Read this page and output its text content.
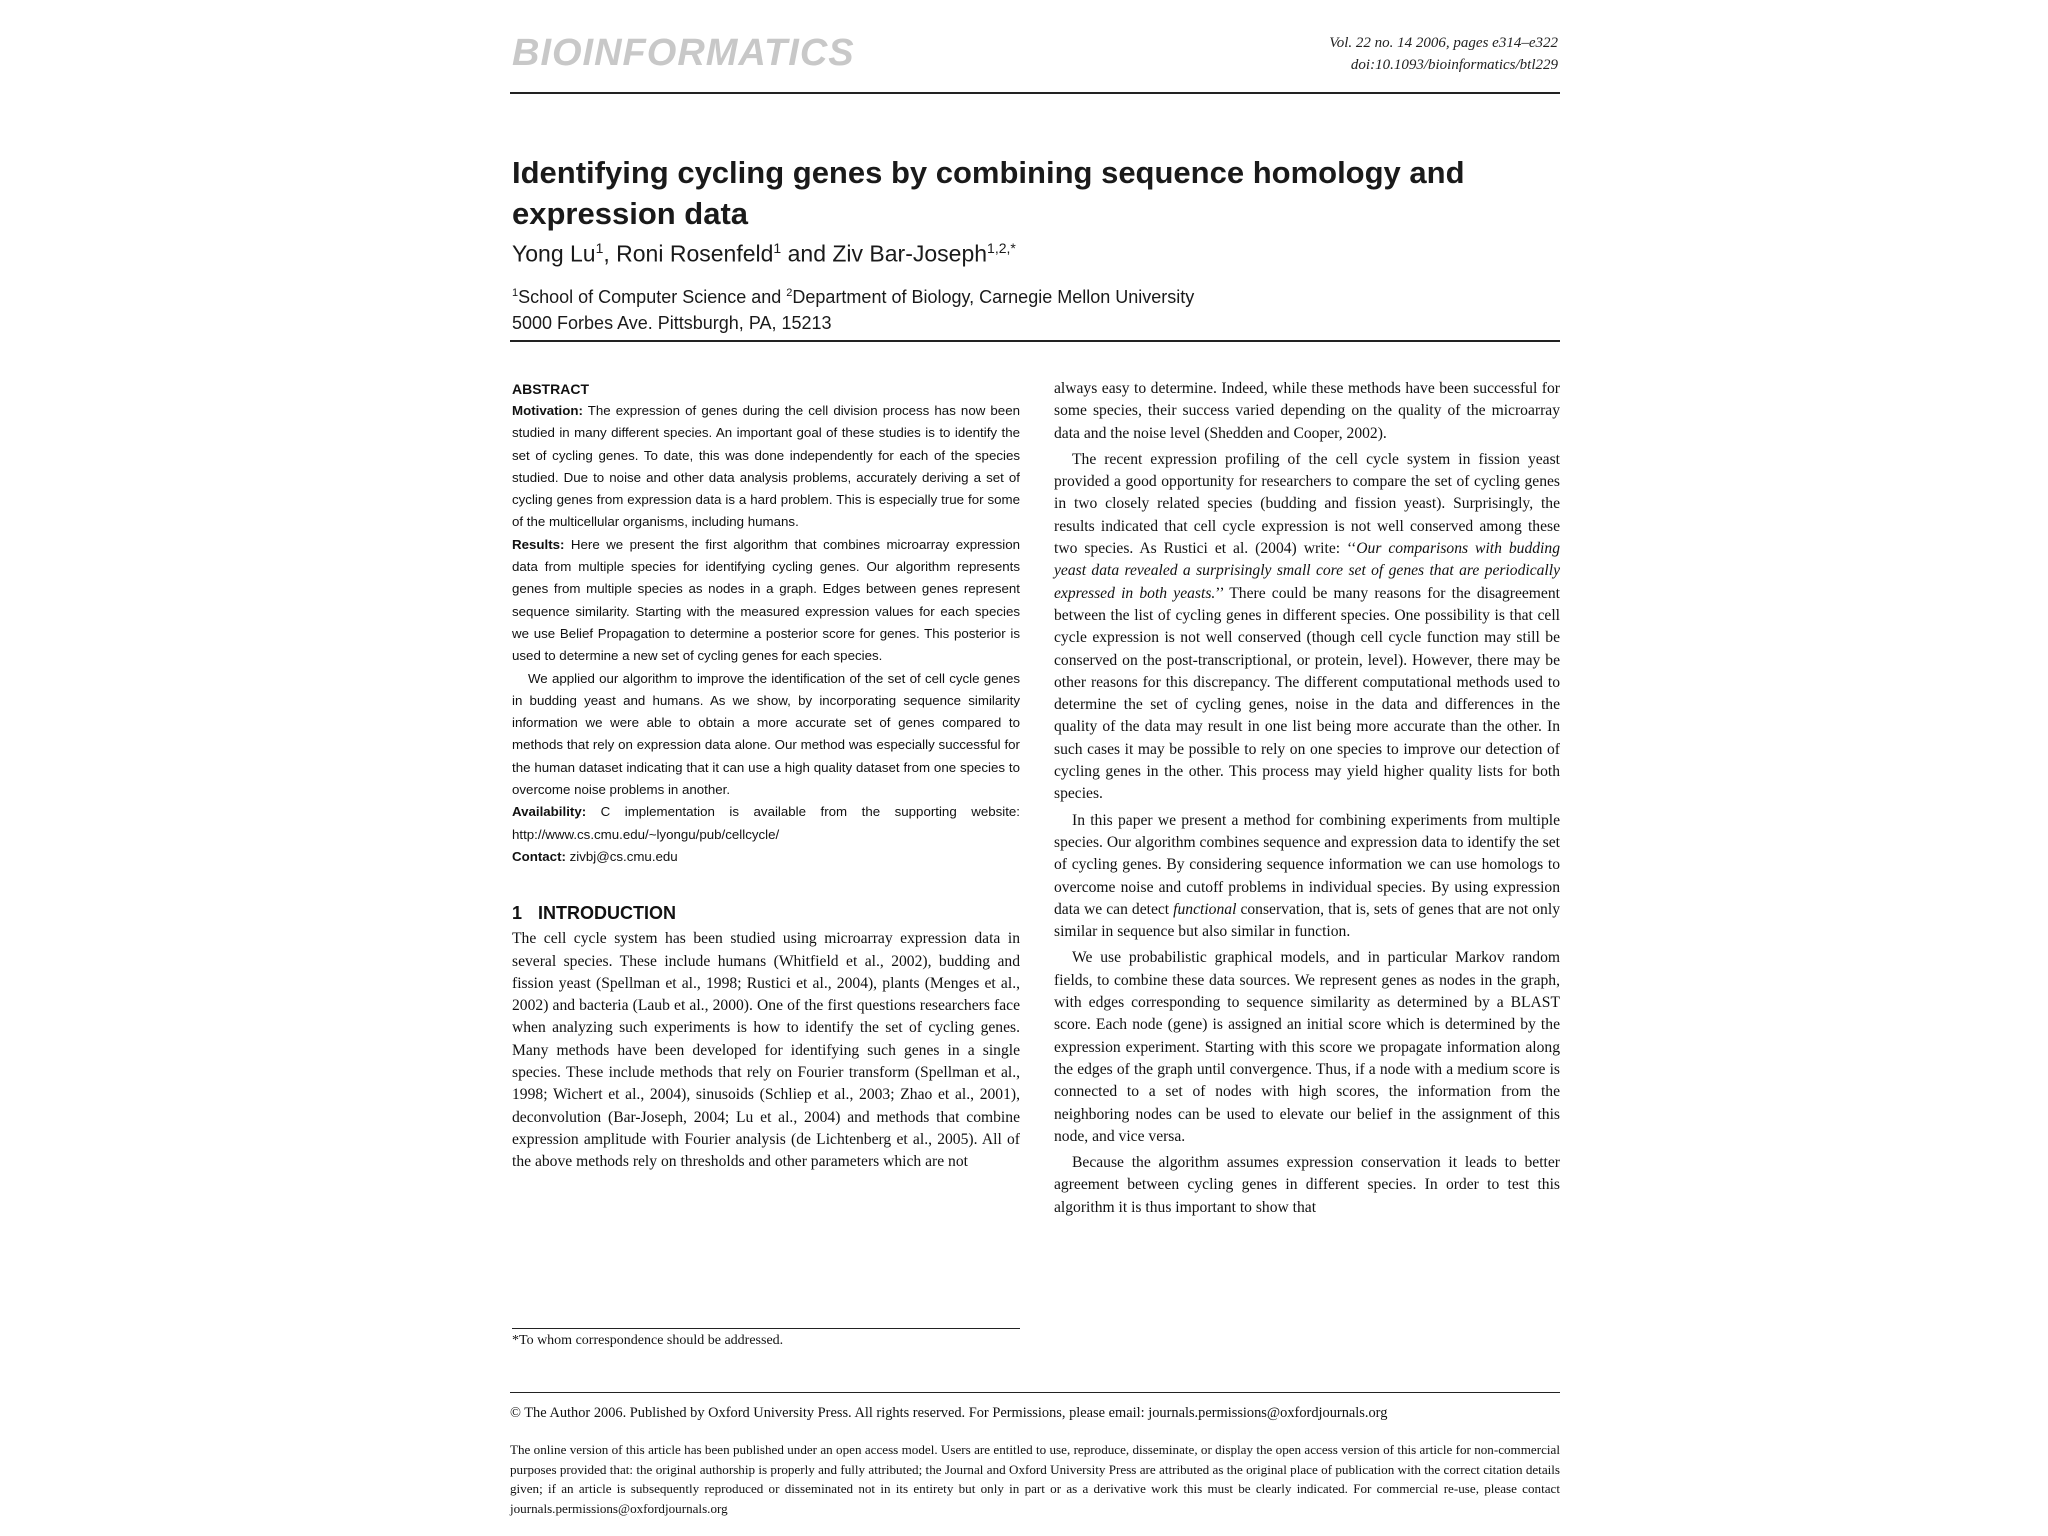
BIOINFORMATICS	Vol. 22 no. 14 2006, pages e314–e322
doi:10.1093/bioinformatics/btl229
Identifying cycling genes by combining sequence homology and expression data
Yong Lu$^1$, Roni Rosenfeld$^1$ and Ziv Bar-Joseph$^{1,2,*}$
$^1$School of Computer Science and $^2$Department of Biology, Carnegie Mellon University
5000 Forbes Ave. Pittsburgh, PA, 15213
ABSTRACT

Motivation: The expression of genes during the cell division process has now been studied in many different species. An important goal of these studies is to identify the set of cycling genes. To date, this was done independently for each of the species studied. Due to noise and other data analysis problems, accurately deriving a set of cycling genes from expression data is a hard problem. This is especially true for some of the multicellular organisms, including humans.

Results: Here we present the first algorithm that combines microarray expression data from multiple species for identifying cycling genes. Our algorithm represents genes from multiple species as nodes in a graph. Edges between genes represent sequence similarity. Starting with the measured expression values for each species we use Belief Propagation to determine a posterior score for genes. This posterior is used to determine a new set of cycling genes for each species.

We applied our algorithm to improve the identification of the set of cell cycle genes in budding yeast and humans. As we show, by incorporating sequence similarity information we were able to obtain a more accurate set of genes compared to methods that rely on expression data alone. Our method was especially successful for the human dataset indicating that it can use a high quality dataset from one species to overcome noise problems in another.

Availability: C implementation is available from the supporting website: http://www.cs.cmu.edu/~lyongu/pub/cellcycle/

Contact: zivbj@cs.cmu.edu

1 INTRODUCTION

The cell cycle system has been studied using microarray expression data in several species. These include humans (Whitfield et al., 2002), budding and fission yeast (Spellman et al., 1998; Rustici et al., 2004), plants (Menges et al., 2002) and bacteria (Laub et al., 2000). One of the first questions researchers face when analyzing such experiments is how to identify the set of cycling genes. Many methods have been developed for identifying such genes in a single species. These include methods that rely on Fourier transform (Spellman et al., 1998; Wichert et al., 2004), sinusoids (Schliep et al., 2003; Zhao et al., 2001), deconvolution (Bar-Joseph, 2004; Lu et al., 2004) and methods that combine expression amplitude with Fourier analysis (de Lichtenberg et al., 2005). All of the above methods rely on thresholds and other parameters which are not

always easy to determine. Indeed, while these methods have been successful for some species, their success varied depending on the quality of the microarray data and the noise level (Shedden and Cooper, 2002).

The recent expression profiling of the cell cycle system in fission yeast provided a good opportunity for researchers to compare the set of cycling genes in two closely related species (budding and fission yeast). Surprisingly, the results indicated that cell cycle expression is not well conserved among these two species. As Rustici et al. (2004) write: ‘‘Our comparisons with budding yeast data revealed a surprisingly small core set of genes that are periodically expressed in both yeasts.’’ There could be many reasons for the disagreement between the list of cycling genes in different species. One possibility is that cell cycle expression is not well conserved (though cell cycle function may still be conserved on the post-transcriptional, or protein, level). However, there may be other reasons for this discrepancy. The different computational methods used to determine the set of cycling genes, noise in the data and differences in the quality of the data may result in one list being more accurate than the other. In such cases it may be possible to rely on one species to improve our detection of cycling genes in the other. This process may yield higher quality lists for both species.

In this paper we present a method for combining experiments from multiple species. Our algorithm combines sequence and expression data to identify the set of cycling genes. By considering sequence information we can use homologs to overcome noise and cutoff problems in individual species. By using expression data we can detect functional conservation, that is, sets of genes that are not only similar in sequence but also similar in function.

We use probabilistic graphical models, and in particular Markov random fields, to combine these data sources. We represent genes as nodes in the graph, with edges corresponding to sequence similarity as determined by a BLAST score. Each node (gene) is assigned an initial score which is determined by the expression experiment. Starting with this score we propagate information along the edges of the graph until convergence. Thus, if a node with a medium score is connected to a set of nodes with high scores, the information from the neighboring nodes can be used to elevate our belief in the assignment of this node, and vice versa.

Because the algorithm assumes expression conservation it leads to better agreement between cycling genes in different species. In order to test this algorithm it is thus important to show that

*To whom correspondence should be addressed.
© The Author 2006. Published by Oxford University Press. All rights reserved. For Permissions, please email: journals.permissions@oxfordjournals.org
The online version of this article has been published under an open access model. Users are entitled to use, reproduce, disseminate, or display the open access version of this article for non-commercial purposes provided that: the original authorship is properly and fully attributed; the Journal and Oxford University Press are attributed as the original place of publication with the correct citation details given; if an article is subsequently reproduced or disseminated not in its entirety but only in part or as a derivative work this must be clearly indicated. For commercial re-use, please contact journals.permissions@oxfordjournals.org
